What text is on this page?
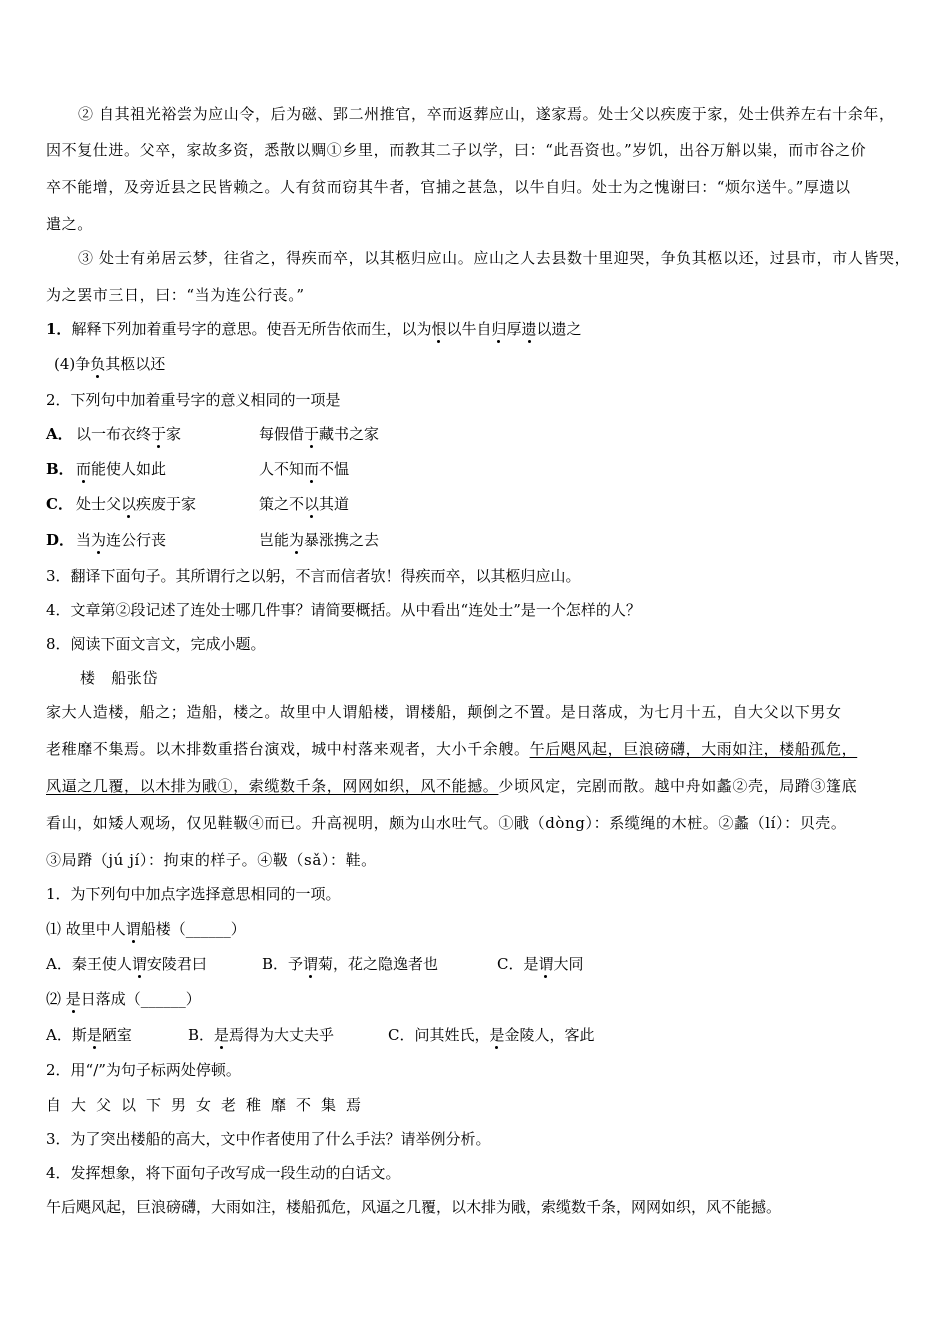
② 自其祖光裕尝为应山令，后为磁、郢二州推官，卒而返葬应山，遂家焉。处士父以疾废于家，处士供养左右十余年，
因不复仕进。父卒，家故多资，悉散以赒①乡里，而教其二子以学，曰：“此吾资也。”岁饥，出谷万斛以粜，而市谷之价
卒不能增，及旁近县之民皆赖之。人有贫而窃其牛者，官捕之甚急，以牛自归。处士为之愧谢曰：“烦尔送牛。”厚遗以
遣之。
③ 处士有弟居云梦，往省之，得疾而卒，以其柩归应山。应山之人去县数十里迎哭，争负其柩以还，过县市，市人皆哭，
为之罢市三日，曰：“当为连公行丧。”
1．解释下列加着重号字的意思。使吾无所告依而生，以为恨以牛自归厚遗以遗之
(4)争负其柩以还
2．下列句中加着重号字的意义相同的一项是
A． 以一布衣终于家	每假借于藏书之家
B． 而能使人如此	人不知而不愠
C． 处士父以疾废于家	策之不以其道
D． 当为连公行丧	岂能为暴涨携之去
3．翻译下面句子。其所谓行之以躬，不言而信者欤！得疾而卒，以其柩归应山。
4．文章第②段记述了连处士哪几件事？请简要概括。从中看出“连处士”是一个怎样的人？
8．阅读下面文言文，完成小题。
楼　船张岱
家大人造楼，船之；造船，楼之。故里中人谓船楼，谓楼船，颠倒之不置。是日落成，为七月十五，自大父以下男女
老稚靡不集焉。以木排数重搭台演戏，城中村落来观者，大小千余艘。午后飓风起，巨浪磅礴，大雨如注，楼船孤危，
风逼之几覆，以木排为戙①，索缆数千条，网网如织，风不能撼。少顷风定，完剧而散。越中舟如蠡②壳，局蹐③篷底
看山，如矮人观场，仅见鞋靸④而已。升高视明，颇为山水吐气。①戙（dòng）：系缆绳的木桩。②蠡（lí）：贝壳。
③局蹐（jú jí）：拘束的样子。④靸（sǎ）：鞋。
1．为下列句中加点字选择意思相同的一项。
⑴ 故里中人谓船楼（______）
A．秦王使人谓安陵君曰	B．予谓菊，花之隐逸者也	C．是谓大同
⑵ 是日落成（______）
A．斯是陋室	B．是焉得为大丈夫乎	C．问其姓氏，是金陵人，客此
2．用“/”为句子标两处停顿。
自大父以下男女老稚靡不集焉
3．为了突出楼船的高大，文中作者使用了什么手法？请举例分析。
4．发挥想象，将下面句子改写成一段生动的白话文。
午后飓风起，巨浪磅礴，大雨如注，楼船孤危，风逼之几覆，以木排为戙，索缆数千条，网网如织，风不能撼。
